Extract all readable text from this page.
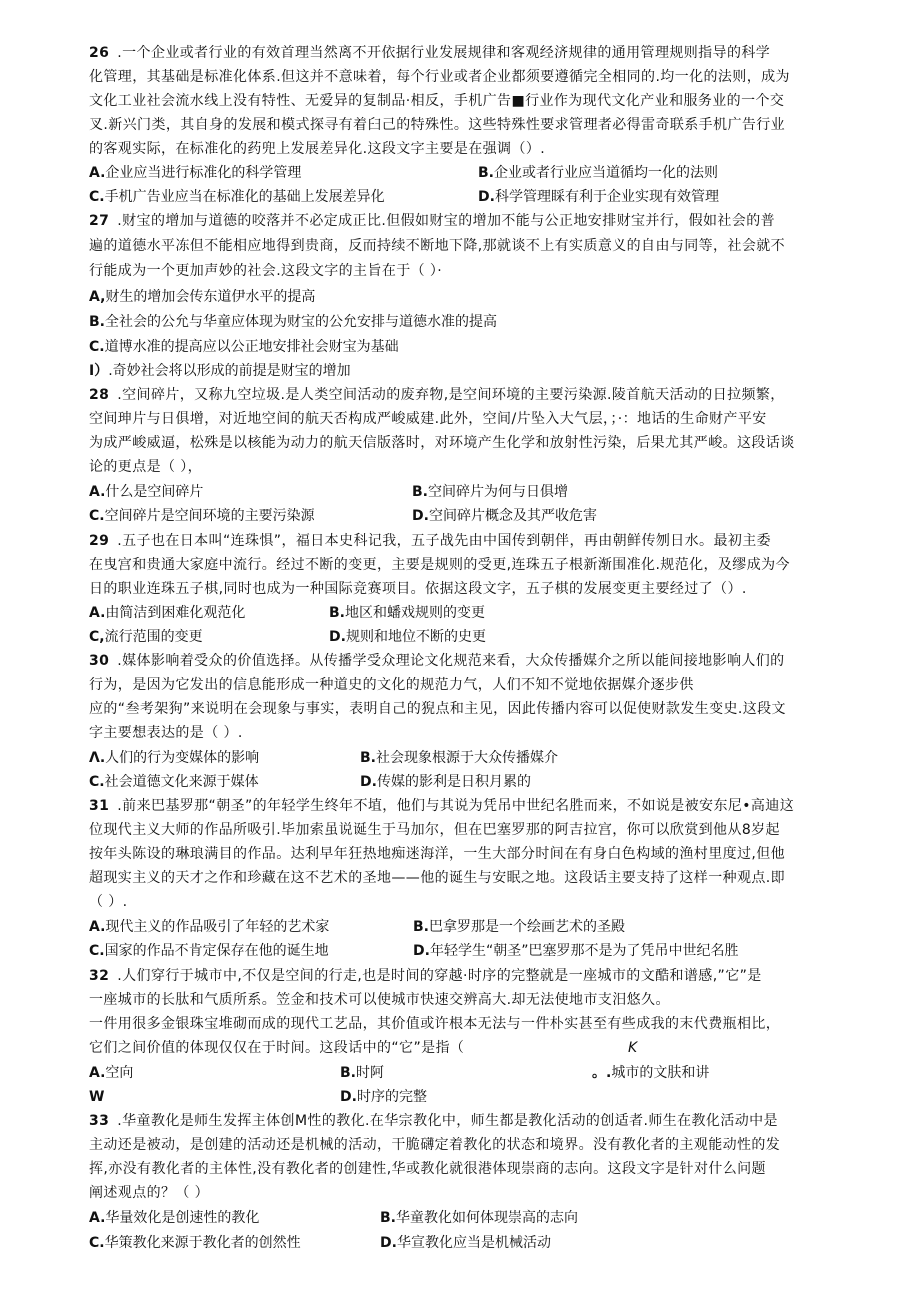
26 .一个企业或者行业的有效首理当然离不开依据行业发展规律和客观经济规律的通用管理规则指导的科学
化管理，其基础是标准化体系.但这并不意味着，每个行业或者企业都须要遵循完全相同的.均一化的法则，成为
文化工业社会流水线上没有特性、无爱异的复制品·相反，手机广告■行业作为现代文化产业和服务业的一个交
叉.新兴门类，其自身的发展和模式探寻有着臼己的特殊性。这些特殊性要求管理者必得雷奇联系手机广告行业
的客观实际，在标准化的药兜上发展差异化.这段文字主要是在强调（）.
A.企业应当进行标准化的科学管理	B.企业或者行业应当道循均一化的法则
C.手机广告业应当在标准化的基础上发展差异化	D.科学管理睬有利于企业实现有效管理
27 .财宝的增加与道德的咬落并不必定成正比.但假如财宝的增加不能与公正地安排财宝并行，假如社会的普
遍的道德水平冻但不能相应地得到贵商，反而持续不断地下降,那就谈不上有实质意义的自由与同等，社会就不
行能成为一个更加声妙的社会.这段文字的主旨在于（ ）·
A,财生的增加会传东道伊水平的提高
B.全社会的公允与华童应体现为财宝的公允安排与道德水准的提高
C.道博水准的提高应以公正地安排社会财宝为基础
I）.奇妙社会将以形成的前提是财宝的增加
28 .空间碎片，又称九空垃圾.是人类空间活动的废弃物,是空间环境的主要污染源.陵首航天活动的日拉频繁，
空间珅片与日俱增，对近地空间的航天否构成严峻威建.此外，空间/片坠入大气层，；·：地话的生命财产平安
为成严峻威逼，松殊是以核能为动力的航天信版落时，对环境产生化学和放射性污染，后果尤其严峻。这段话谈
论的更点是（ ），
A.什么是空间碎片	B.空间碎片为何与日俱增
C.空间碎片是空间环境的主要污染源	D.空间碎片概念及其严收危害
29 .五子也在日本叫“连珠惧”，福日本史科记我，五子战先由中国传到朝伴，再由朝鲜传刎日水。最初主委
在曳宫和贵通大家庭中流行。经过不断的变更，主要是规则的受更,连珠五子根新渐围准化.规范化，及缪成为今
日的职业连珠五子棋,同时也成为一种国际竞赛项目。依据这段文字，五子棋的发展变更主要经过了（）.
A.由简洁到困难化观范化	B.地区和蟠戏规则的变更
C,流行范围的变更	D.规则和地位不断的史更
30 .媒体影响着受众的价值选择。从传播学受众理论文化规范来看，大众传播媒介之所以能间接地影响人们的
行为，是因为它发出的信息能形成一种道史的文化的规范力气，人们不知不觉地依据媒介逐步供
应的“叁考架狗”来说明在会现象与事实，表明自己的猊点和主见，因此传播内容可以促使财款发生变史.这段文
字主要想表达的是（ ）.
Λ.人们的行为变媒体的影响	B.社会现象根源于大众传播媒介
C.社会道德文化来源于媒体	D.传媒的影利是日积月累的
31 .前来巴基罗那“朝圣”的年轻学生终年不埴，他们与其说为凭吊中世纪名胜而来，不如说是被安东尼•高迪这
位现代主义大师的作品所吸引.毕加索虽说诞生于马加尔，但在巴塞罗那的阿吉拉宫，你可以欣赏到他从8岁起
按年头陈设的琳琅满目的作品。达利早年狂热地痴迷海洋，一生大部分时间在有身白色构域的渔村里度过,但他
超现实主义的天才之作和珍藏在这不艺术的圣地——他的诞生与安眠之地。这段话主要支持了这样一种观点.即
（ ）.
A.现代主义的作品吸引了年轻的艺术家	B.巴拿罗那是一个绘画艺术的圣殿
C.国家的作品不肯定保存在他的诞生地	D.年轻学生“朝圣”巴塞罗那不是为了凭吊中世纪名胜
32 .人们穿行于城市中,不仅是空间的行走,也是时间的穿越·时序的完整就是一座城市的文酷和谱感,”它”是
一座城市的长肽和气质所系。笠金和技术可以使城市快速交辨高大.却无法使地市支汨悠久。
一件用很多金银珠宝堆砌而成的现代工艺品，其价值或许根本无法与一件朴实甚至有些成我的末代费瓶相比，
它们之间价值的体现仅仅在于时间。这段话中的“它”是指（	K
A.空向	B.时阿	。.城市的文肤和讲
W	D.时序的完整
33 .华童教化是师生发挥主体创M性的教化.在华宗教化中，师生都是教化活动的创适者.师生在教化活动中是
主动还是被动，是创建的活动还是机械的活动，干脆礴定着教化的状态和境界。没有教化者的主观能动性的发
挥,亦没有教化者的主体性,没有教化者的创建性,华或教化就很港体现崇商的志向。这段文字是针对什么问题
阐述观点的？（ ）
A.华量效化是创速性的教化	B.华童教化如何体现崇高的志向
C.华策教化来源于教化者的创然性	D.华宣教化应当是机械活动
